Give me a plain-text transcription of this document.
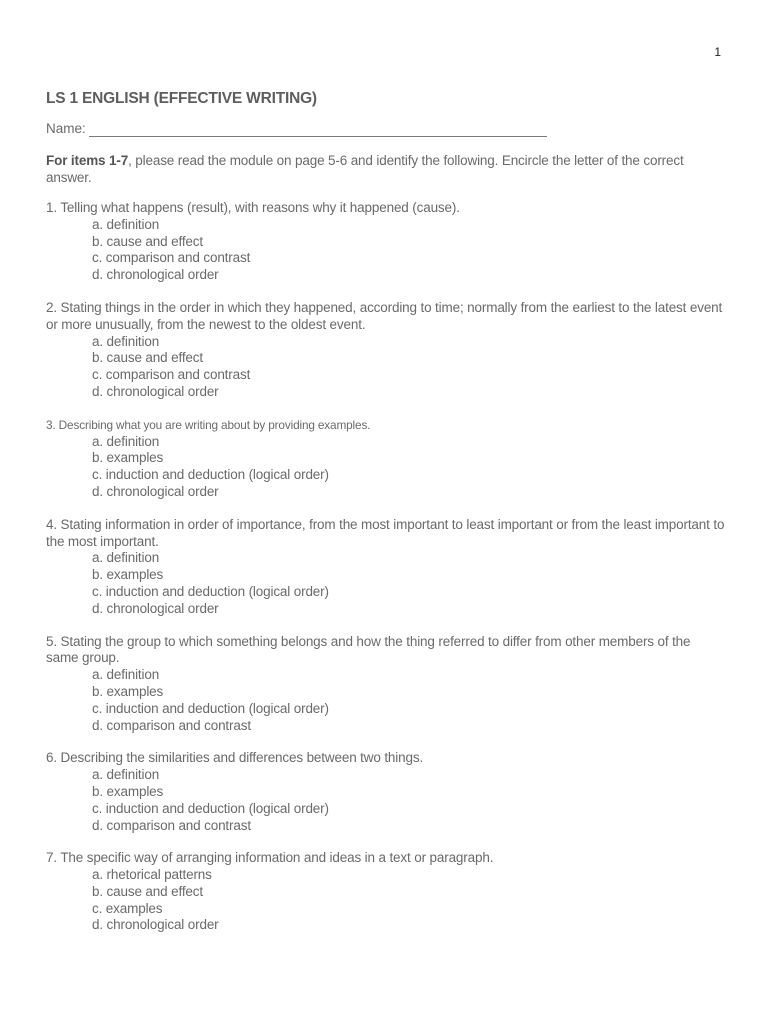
1
LS 1 ENGLISH (EFFECTIVE WRITING)
Name:

For items 1-7, please read the module on page 5-6 and identify the following. Encircle the letter of the correct answer.

1. Telling what happens (result), with reasons why it happened (cause).

a. definition
b. cause and effect
c. comparison and contrast
d. chronological order

2. Stating things in the order in which they happened, according to time; normally from the earliest to the latest event or more unusually, from the newest to the oldest event.

a. definition
b. cause and effect
c. comparison and contrast
d. chronological order

3. Describing what you are writing about by providing examples.

a. definition
b. examples
c. induction and deduction (logical order)
d. chronological order

4. Stating information in order of importance, from the most important to least important or from the least important to the most important.

a. definition
b. examples
c. induction and deduction (logical order)
d. chronological order

5. Stating the group to which something belongs and how the thing referred to differ from other members of the same group.

a. definition
b. examples
c. induction and deduction (logical order)
d. comparison and contrast

6. Describing the similarities and differences between two things.

a. definition
b. examples
c. induction and deduction (logical order)
d. comparison and contrast

7. The specific way of arranging information and ideas in a text or paragraph.

a. rhetorical patterns
b. cause and effect
c. examples
d. chronological order
